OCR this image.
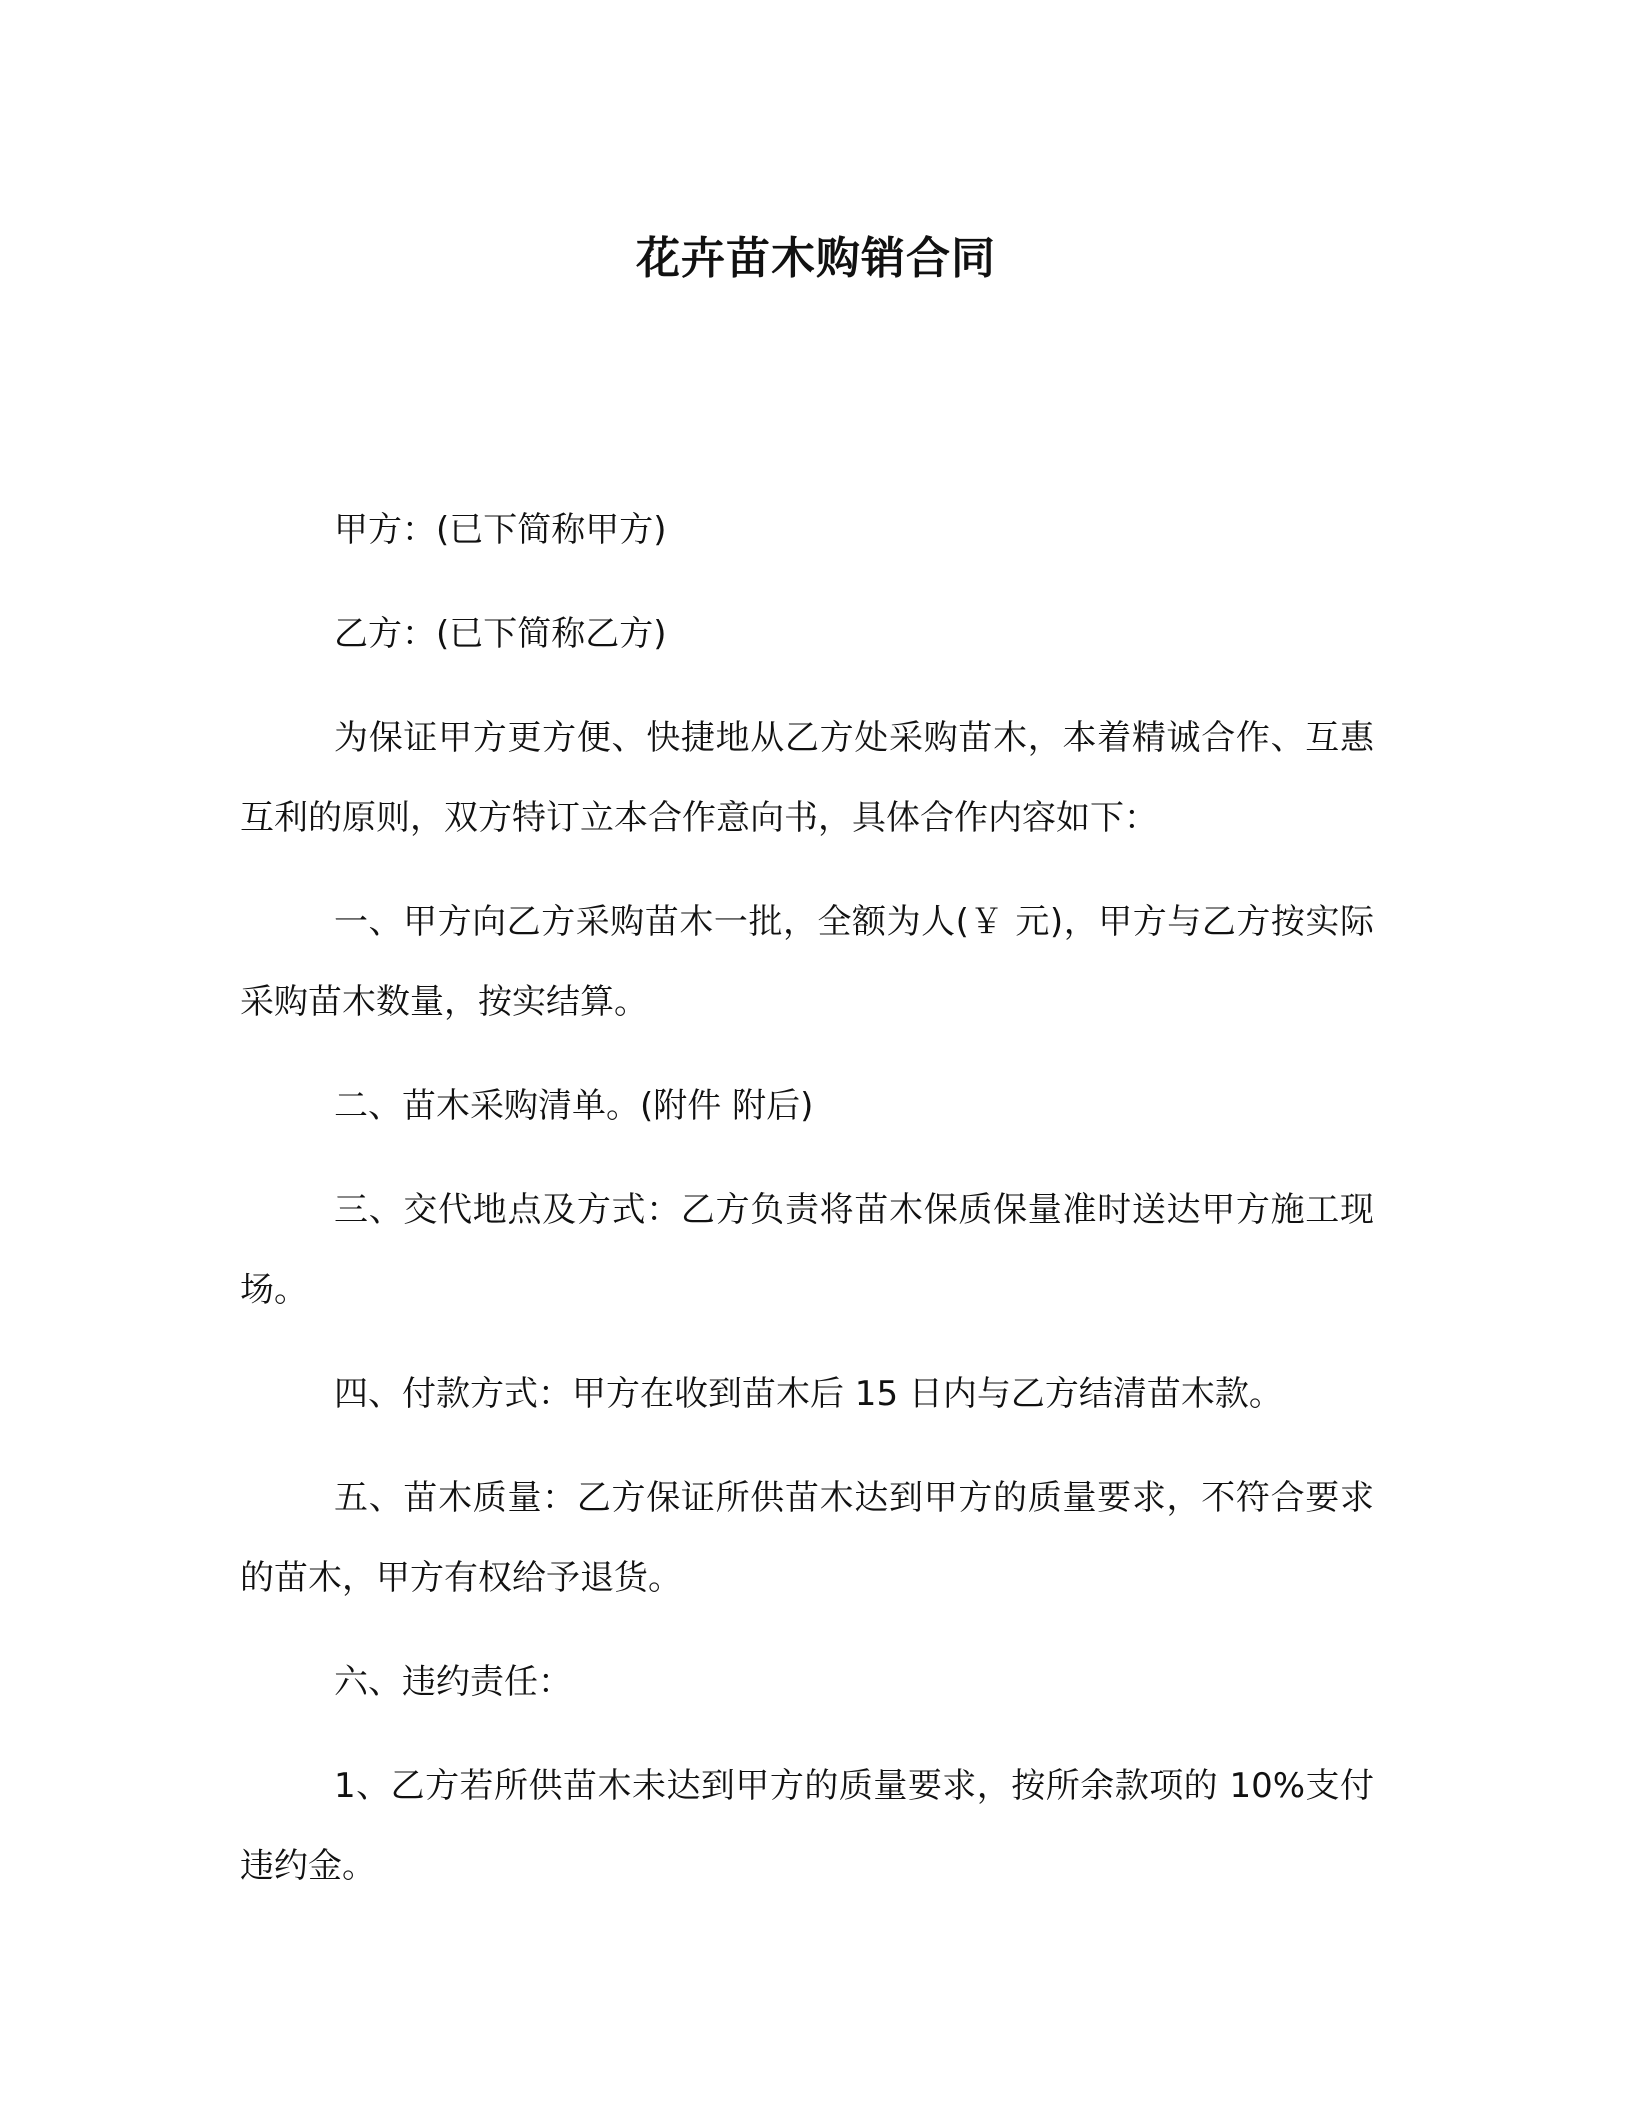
花卉苗木购销合同

甲方：(已下简称甲方)

乙方：(已下简称乙方)

为保证甲方更方便、快捷地从乙方处采购苗木，本着精诚合作、互惠互利的原则，双方特订立本合作意向书，具体合作内容如下：

一、甲方向乙方采购苗木一批，全额为人(￥ 元)，甲方与乙方按实际采购苗木数量，按实结算。

二、苗木采购清单。(附件 附后)

三、交代地点及方式：乙方负责将苗木保质保量准时送达甲方施工现场。

四、付款方式：甲方在收到苗木后 15 日内与乙方结清苗木款。

五、苗木质量：乙方保证所供苗木达到甲方的质量要求，不符合要求的苗木，甲方有权给予退货。

六、违约责任：

1、乙方若所供苗木未达到甲方的质量要求，按所余款项的 10%支付违约金。
